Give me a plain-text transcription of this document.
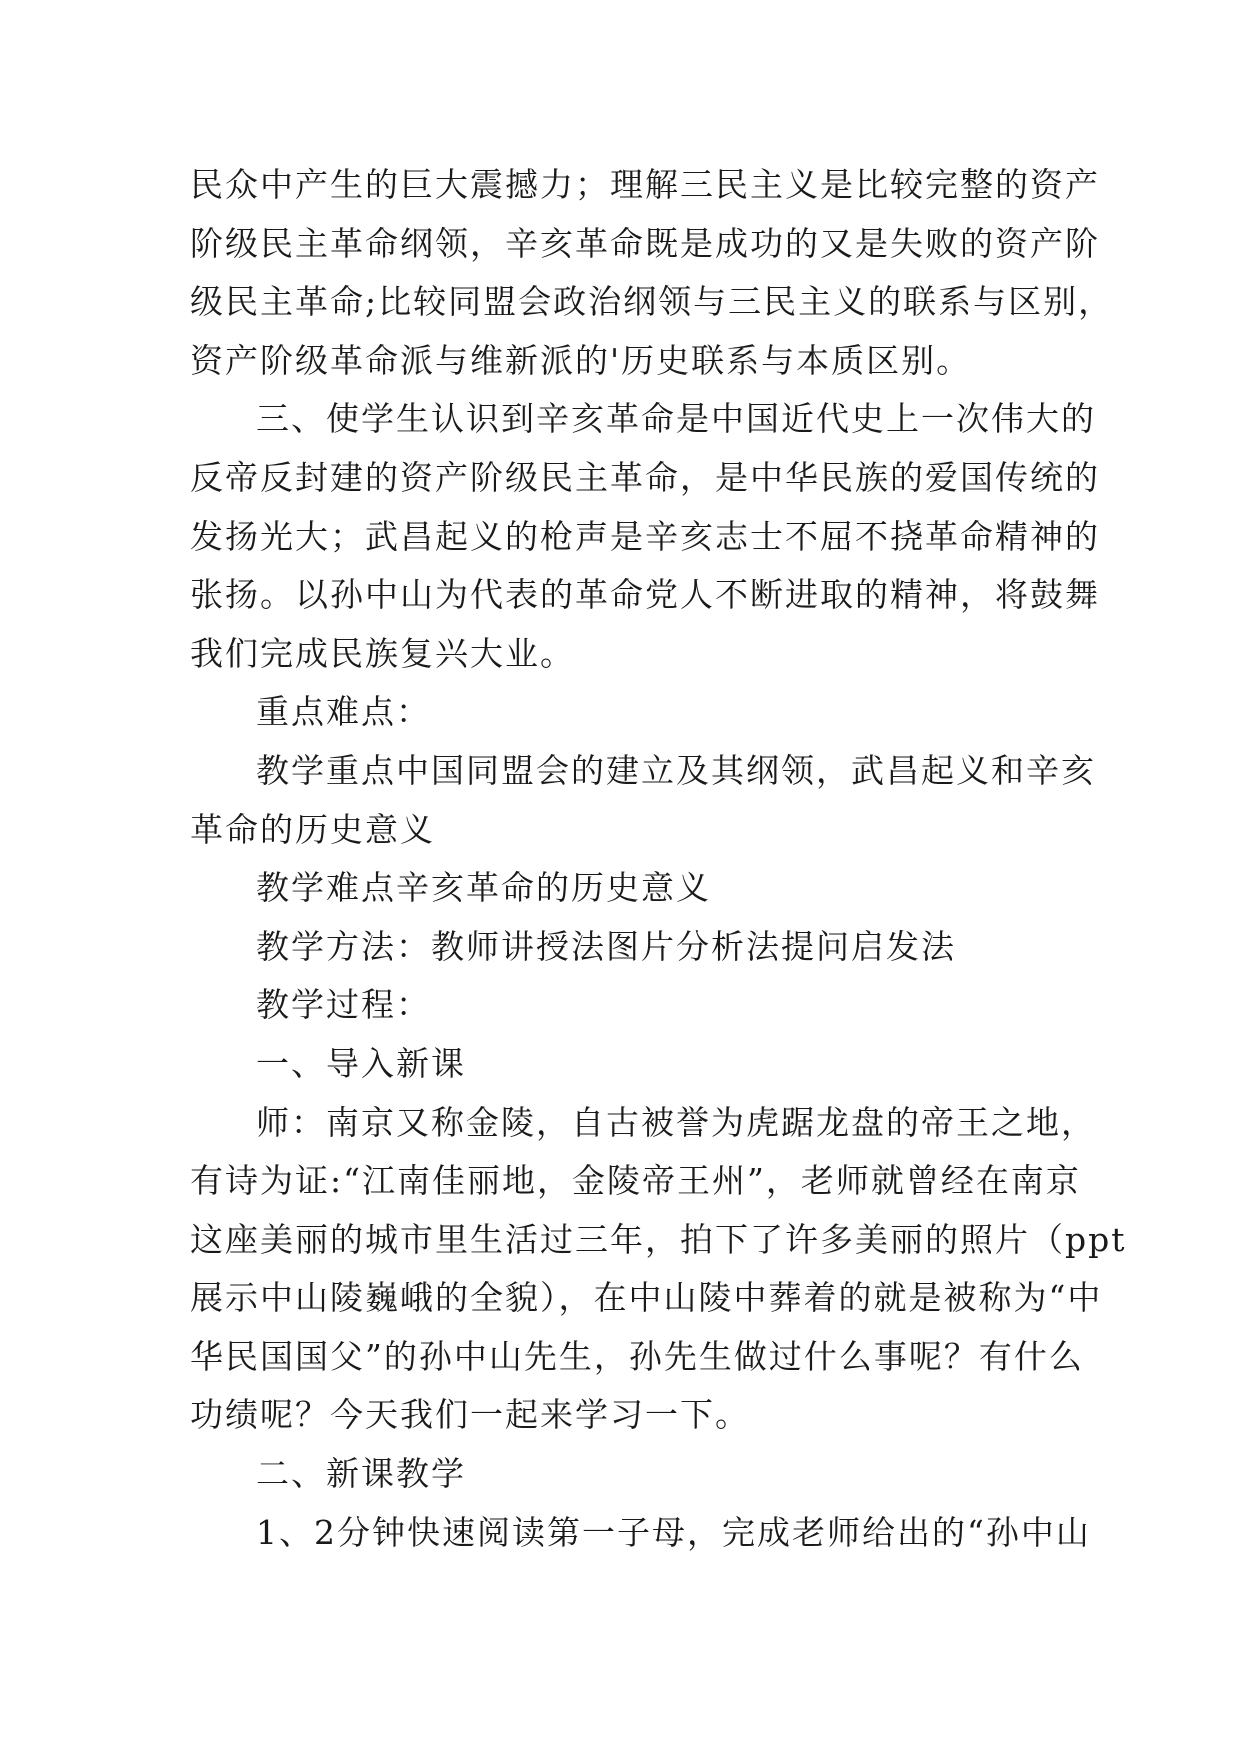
民众中产生的巨大震撼力；理解三民主义是比较完整的资产
阶级民主革命纲领，辛亥革命既是成功的又是失败的资产阶
级民主革命;比较同盟会政治纲领与三民主义的联系与区别，
资产阶级革命派与维新派的'历史联系与本质区别。
三、使学生认识到辛亥革命是中国近代史上一次伟大的
反帝反封建的资产阶级民主革命，是中华民族的爱国传统的
发扬光大；武昌起义的枪声是辛亥志士不屈不挠革命精神的
张扬。以孙中山为代表的革命党人不断进取的精神，将鼓舞
我们完成民族复兴大业。
重点难点：
教学重点中国同盟会的建立及其纲领，武昌起义和辛亥
革命的历史意义
教学难点辛亥革命的历史意义
教学方法：教师讲授法图片分析法提问启发法
教学过程：
一、导入新课
师：南京又称金陵，自古被誉为虎踞龙盘的帝王之地，
有诗为证:“江南佳丽地，金陵帝王州”，老师就曾经在南京
这座美丽的城市里生活过三年，拍下了许多美丽的照片（ppt
展示中山陵巍峨的全貌），在中山陵中葬着的就是被称为“中
华民国国父”的孙中山先生，孙先生做过什么事呢？有什么
功绩呢？今天我们一起来学习一下。
二、新课教学
1、2分钟快速阅读第一子母，完成老师给出的“孙中山
